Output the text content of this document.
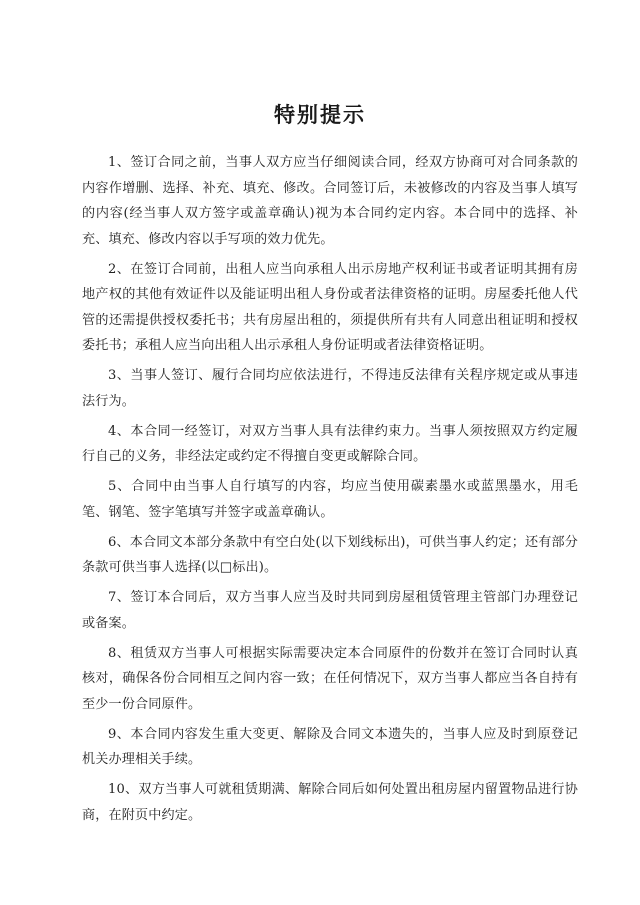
特别提示

1、签订合同之前，当事人双方应当仔细阅读合同，经双方协商可对合同条款的内容作增删、选择、补充、填充、修改。合同签订后，未被修改的内容及当事人填写的内容(经当事人双方签字或盖章确认)视为本合同约定内容。本合同中的选择、补充、填充、修改内容以手写项的效力优先。

2、在签订合同前，出租人应当向承租人出示房地产权利证书或者证明其拥有房地产权的其他有效证件以及能证明出租人身份或者法律资格的证明。房屋委托他人代管的还需提供授权委托书；共有房屋出租的，须提供所有共有人同意出租证明和授权委托书；承租人应当向出租人出示承租人身份证明或者法律资格证明。

3、当事人签订、履行合同均应依法进行，不得违反法律有关程序规定或从事违法行为。

4、本合同一经签订，对双方当事人具有法律约束力。当事人须按照双方约定履行自己的义务，非经法定或约定不得擅自变更或解除合同。

5、合同中由当事人自行填写的内容，均应当使用碳素墨水或蓝黑墨水，用毛笔、钢笔、签字笔填写并签字或盖章确认。

6、本合同文本部分条款中有空白处(以下划线标出)，可供当事人约定；还有部分条款可供当事人选择(以□标出)。

7、签订本合同后，双方当事人应当及时共同到房屋租赁管理主管部门办理登记或备案。

8、租赁双方当事人可根据实际需要决定本合同原件的份数并在签订合同时认真核对，确保各份合同相互之间内容一致；在任何情况下，双方当事人都应当各自持有至少一份合同原件。

9、本合同内容发生重大变更、解除及合同文本遗失的，当事人应及时到原登记机关办理相关手续。

10、双方当事人可就租赁期满、解除合同后如何处置出租房屋内留置物品进行协商，在附页中约定。
